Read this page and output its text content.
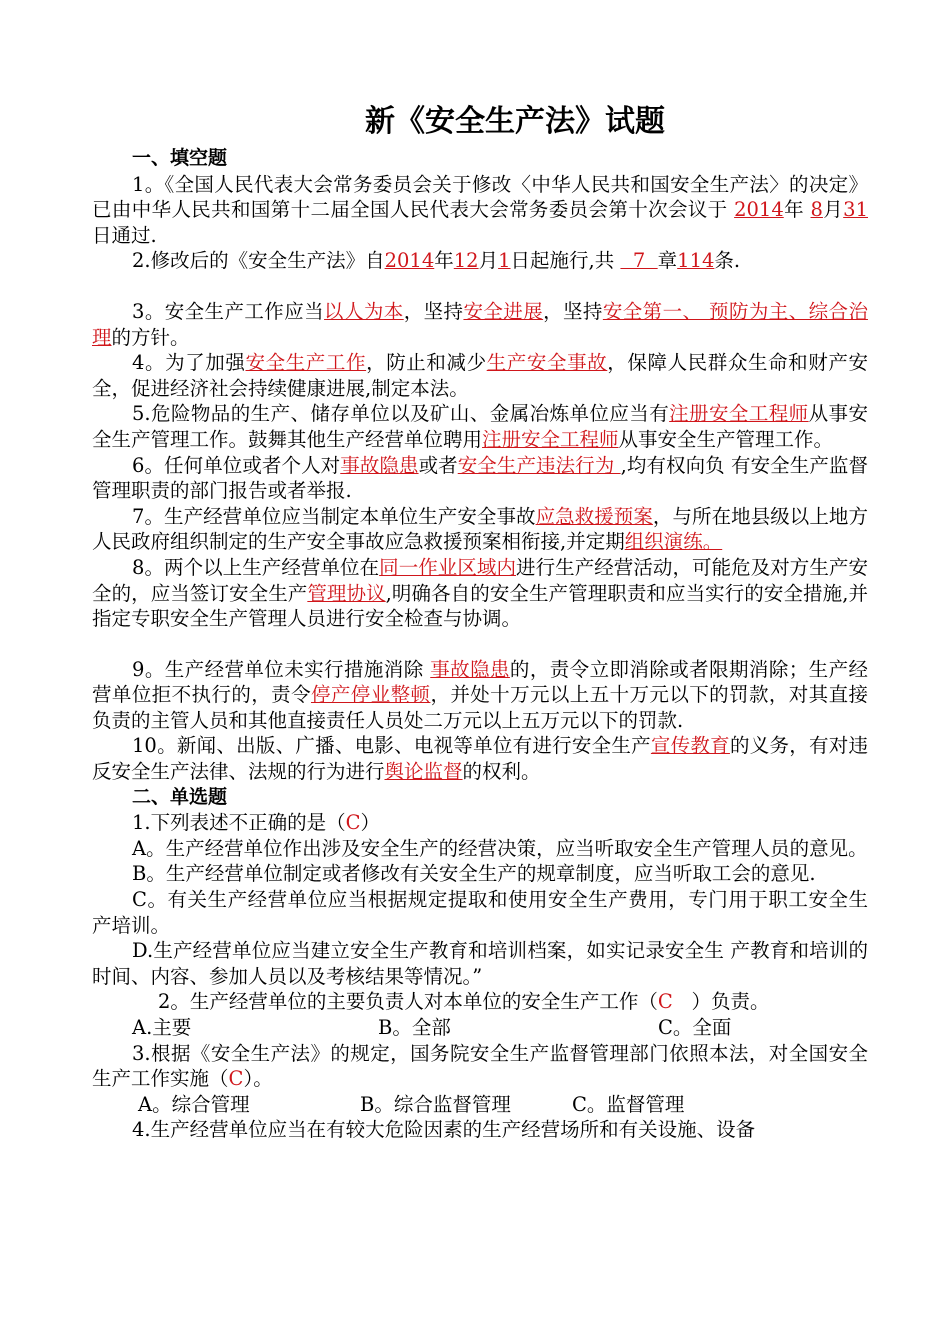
新《安全生产法》试题
一、填空题

1。《全国人民代表大会常务委员会关于修改〈中华人民共和国安全生产法〉的决定》已由中华人民共和国第十二届全国人民代表大会常务委员会第十次会议于 2014年 8月31日通过.

2.修改后的《安全生产法》自2014年12月1日起施行,共   7  章114条.

3。安全生产工作应当以人为本，坚持安全进展，坚持安全第一、 预防为主、综合治理的方针。

4。为了加强安全生产工作，防止和减少生产安全事故，保障人民群众生命和财产安全，促进经济社会持续健康进展,制定本法。

5.危险物品的生产、储存单位以及矿山、金属冶炼单位应当有注册安全工程师从事安全生产管理工作。鼓舞其他生产经营单位聘用注册安全工程师从事安全生产管理工作。

6。任何单位或者个人对事故隐患或者安全生产违法行为 ,均有权向负 有安全生产监督管理职责的部门报告或者举报.

7。生产经营单位应当制定本单位生产安全事故应急救援预案，与所在地县级以上地方人民政府组织制定的生产安全事故应急救援预案相衔接,并定期组织演练。

8。两个以上生产经营单位在同一作业区域内进行生产经营活动，可能危及对方生产安全的，应当签订安全生产管理协议,明确各自的安全生产管理职责和应当实行的安全措施,并指定专职安全生产管理人员进行安全检查与协调。

9。生产经营单位未实行措施消除 事故隐患的，责令立即消除或者限期消除；生产经营单位拒不执行的，责令停产停业整顿，并处十万元以上五十万元以下的罚款，对其直接负责的主管人员和其他直接责任人员处二万元以上五万元以下的罚款.

10。新闻、出版、广播、电影、电视等单位有进行安全生产宣传教育的义务，有对违反安全生产法律、法规的行为进行舆论监督的权利。

二、单选题

1.下列表述不正确的是（C）

A。生产经营单位作出涉及安全生产的经营决策，应当听取安全生产管理人员的意见。

B。生产经营单位制定或者修改有关安全生产的规章制度，应当听取工会的意见.

C。有关生产经营单位应当根据规定提取和使用安全生产费用，专门用于职工安全生产培训。

D.生产经营单位应当建立安全生产教育和培训档案，如实记录安全生 产教育和培训的时间、内容、参加人员以及考核结果等情况。”

2。生产经营单位的主要负责人对本单位的安全生产工作（C   ）负责。

A.主要	B。全部	C。全面

3.根据《安全生产法》的规定，国务院安全生产监督管理部门依照本法，对全国安全生产工作实施（C）。

A。综合管理	B。综合监督管理	C。监督管理

4.生产经营单位应当在有较大危险因素的生产经营场所和有关设施、设备
